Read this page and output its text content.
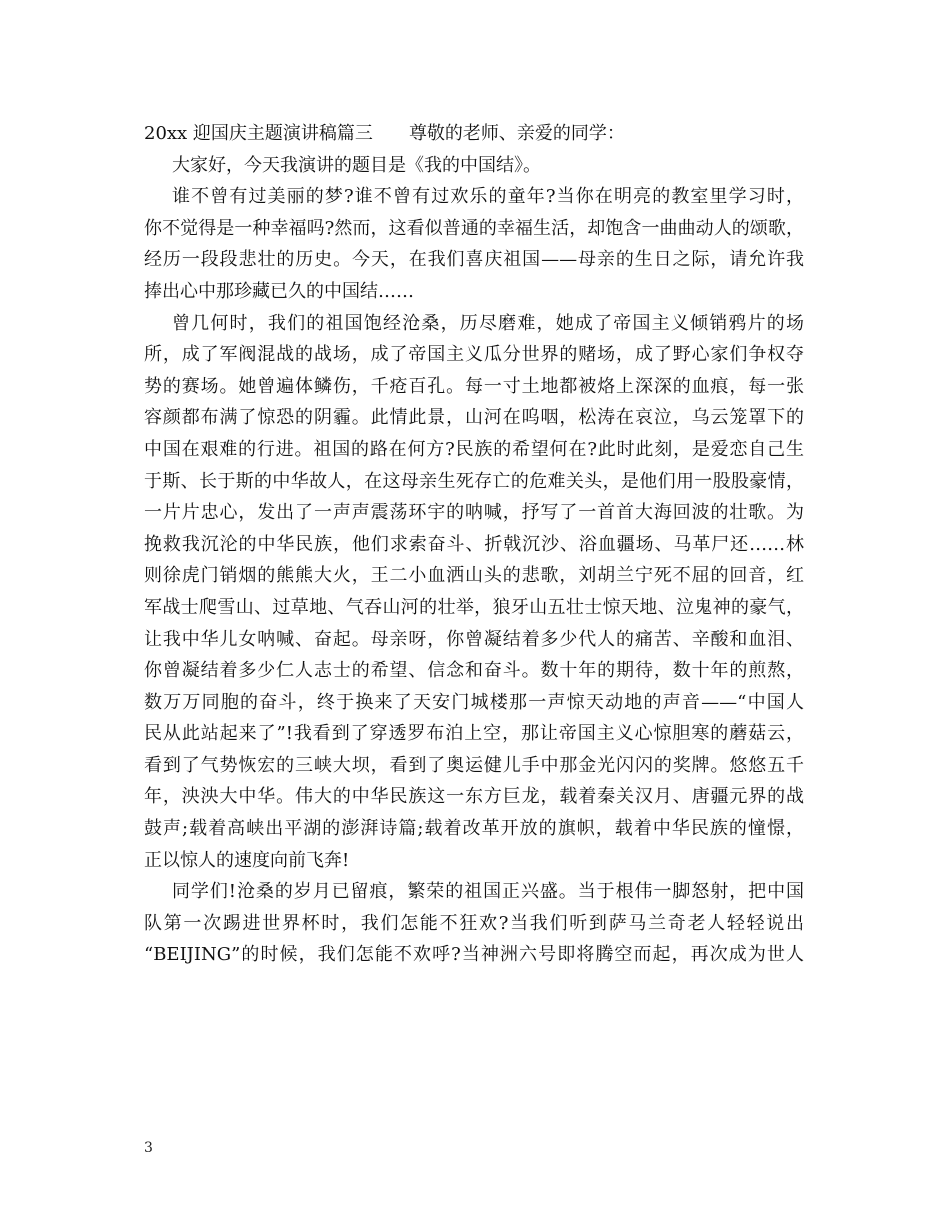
20xx 迎国庆主题演讲稿篇三 尊敬的老师、亲爱的同学：
大家好，今天我演讲的题目是《我的中国结》。
谁不曾有过美丽的梦?谁不曾有过欢乐的童年?当你在明亮的教室里学习时，
你不觉得是一种幸福吗?然而，这看似普通的幸福生活，却饱含一曲曲动人的颂歌，
经历一段段悲壮的历史。今天，在我们喜庆祖国——母亲的生日之际，请允许我
捧出心中那珍藏已久的中国结……
曾几何时，我们的祖国饱经沧桑，历尽磨难，她成了帝国主义倾销鸦片的场
所，成了军阀混战的战场，成了帝国主义瓜分世界的赌场，成了野心家们争权夺
势的赛场。她曾遍体鳞伤，千疮百孔。每一寸土地都被烙上深深的血痕，每一张
容颜都布满了惊恐的阴霾。此情此景，山河在呜咽，松涛在哀泣，乌云笼罩下的
中国在艰难的行进。祖国的路在何方?民族的希望何在?此时此刻，是爱恋自己生
于斯、长于斯的中华故人，在这母亲生死存亡的危难关头，是他们用一股股豪情，
一片片忠心，发出了一声声震荡环宇的呐喊，抒写了一首首大海回波的壮歌。为
挽救我沉沦的中华民族，他们求索奋斗、折戟沉沙、浴血疆场、马革尸还……林
则徐虎门销烟的熊熊大火，王二小血洒山头的悲歌，刘胡兰宁死不屈的回音，红
军战士爬雪山、过草地、气吞山河的壮举，狼牙山五壮士惊天地、泣鬼神的豪气，
让我中华儿女呐喊、奋起。母亲呀，你曾凝结着多少代人的痛苦、辛酸和血泪、
你曾凝结着多少仁人志士的希望、信念和奋斗。数十年的期待，数十年的煎熬，
数万万同胞的奋斗，终于换来了天安门城楼那一声惊天动地的声音——“中国人
民从此站起来了”!我看到了穿透罗布泊上空，那让帝国主义心惊胆寒的蘑菇云，
看到了气势恢宏的三峡大坝，看到了奥运健儿手中那金光闪闪的奖牌。悠悠五千
年，泱泱大中华。伟大的中华民族这一东方巨龙，载着秦关汉月、唐疆元界的战
鼓声;载着高峡出平湖的澎湃诗篇;载着改革开放的旗帜，载着中华民族的憧憬，
正以惊人的速度向前飞奔!
同学们!沧桑的岁月已留痕，繁荣的祖国正兴盛。当于根伟一脚怒射，把中国
队第一次踢进世界杯时，我们怎能不狂欢?当我们听到萨马兰奇老人轻轻说出
“BEIJING”的时候，我们怎能不欢呼?当神洲六号即将腾空而起，再次成为世人
3
